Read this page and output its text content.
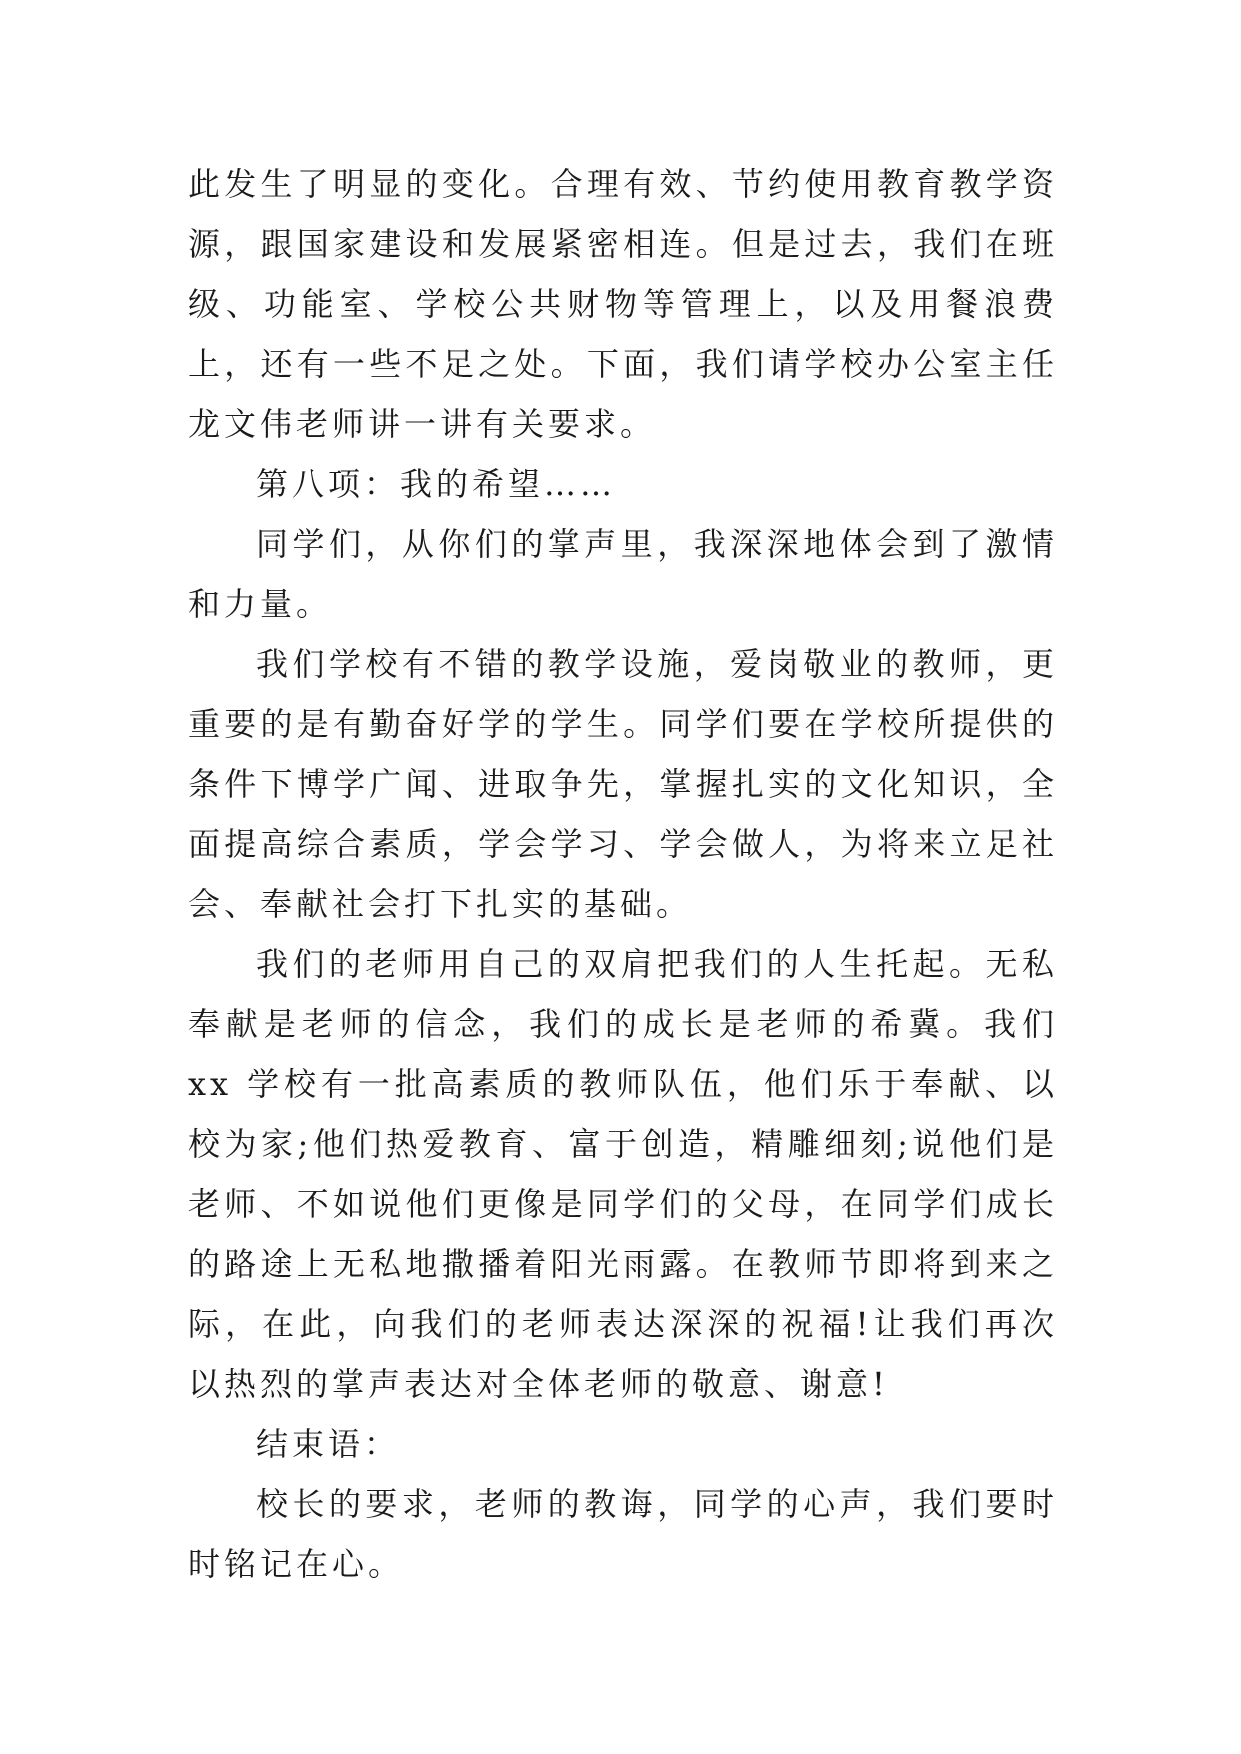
此发生了明显的变化。合理有效、节约使用教育教学资源，跟国家建设和发展紧密相连。但是过去，我们在班级、功能室、学校公共财物等管理上，以及用餐浪费上，还有一些不足之处。下面，我们请学校办公室主任龙文伟老师讲一讲有关要求。

第八项：我的希望……

同学们，从你们的掌声里，我深深地体会到了激情和力量。

我们学校有不错的教学设施，爱岗敬业的教师，更重要的是有勤奋好学的学生。同学们要在学校所提供的条件下博学广闻、进取争先，掌握扎实的文化知识，全面提高综合素质，学会学习、学会做人，为将来立足社会、奉献社会打下扎实的基础。

我们的老师用自己的双肩把我们的人生托起。无私奉献是老师的信念，我们的成长是老师的希冀。我们 xx 学校有一批高素质的教师队伍，他们乐于奉献、以校为家;他们热爱教育、富于创造，精雕细刻;说他们是老师、不如说他们更像是同学们的父母，在同学们成长的路途上无私地撒播着阳光雨露。在教师节即将到来之际，在此，向我们的老师表达深深的祝福!让我们再次以热烈的掌声表达对全体老师的敬意、谢意!

结束语：

校长的要求，老师的教诲，同学的心声，我们要时时铭记在心。
